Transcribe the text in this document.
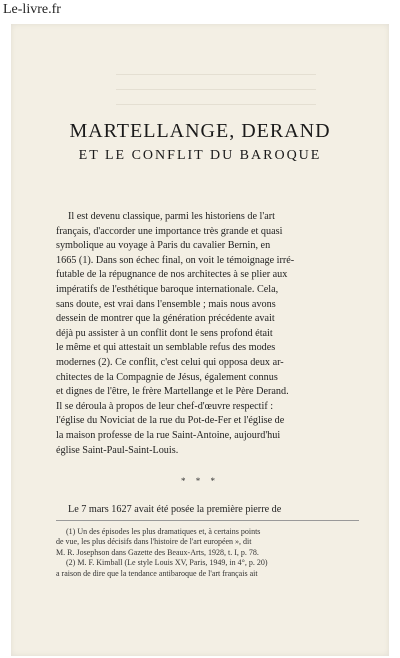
Le-livre.fr
MARTELLANGE, DERAND
ET LE CONFLIT DU BAROQUE
Il est devenu classique, parmi les historiens de l'art
français, d'accorder une importance très grande et quasi
symbolique au voyage à Paris du cavalier Bernin, en
1665 (1). Dans son échec final, on voit le témoignage irré-
futable de la répugnance de nos architectes à se plier aux
impératifs de l'esthétique baroque internationale. Cela,
sans doute, est vrai dans l'ensemble ; mais nous avons
dessein de montrer que la génération précédente avait
déjà pu assister à un conflit dont le sens profond était
le même et qui attestait un semblable refus des modes
modernes (2). Ce conflit, c'est celui qui opposa deux ar-
chitectes de la Compagnie de Jésus, également connus
et dignes de l'être, le frère Martellange et le Père Derand.
Il se déroula à propos de leur chef-d'œuvre respectif :
l'église du Noviciat de la rue du Pot-de-Fer et l'église de
la maison professe de la rue Saint-Antoine, aujourd'hui
église Saint-Paul-Saint-Louis.
* * *
Le 7 mars 1627 avait été posée la première pierre de
(1) Un des épisodes les plus dramatiques et, à certains points
de vue, les plus décisifs dans l'histoire de l'art européen », dit
M. R. Josephson dans Gazette des Beaux-Arts, 1928, t. I, p. 78.
(2) M. F. Kimball (Le style Louis XV, Paris, 1949, in 4°, p. 20)
a raison de dire que la tendance antibaroque de l'art français ait
